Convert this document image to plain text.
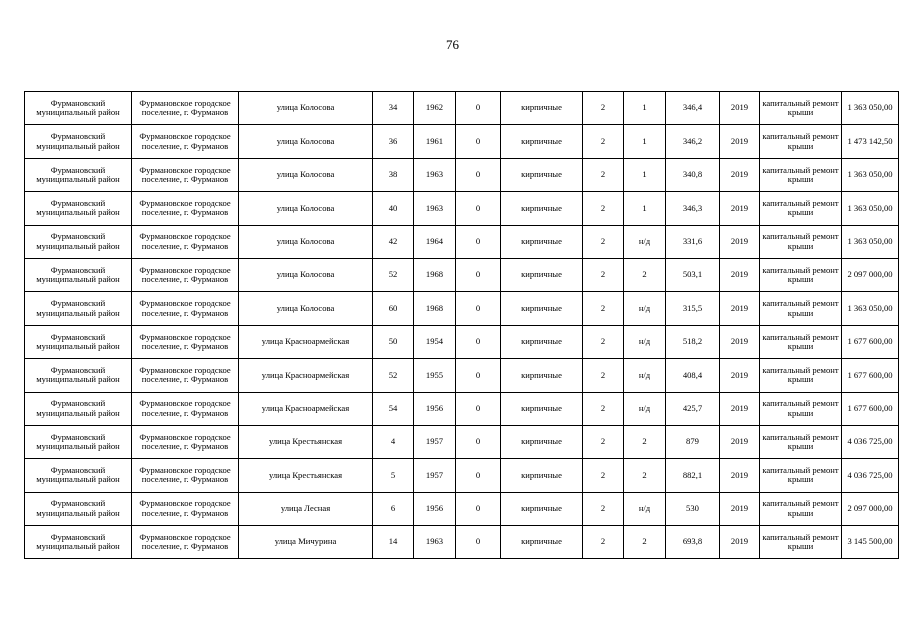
76
Фурмановский муниципальный район	Фурмановское городское поселение, г. Фурманов	улица Колосова	34	1962	0	кирпичные	2	1	346,4	2019	капитальный ремонт крыши	1 363 050,00
Фурмановский муниципальный район	Фурмановское городское поселение, г. Фурманов	улица Колосова	36	1961	0	кирпичные	2	1	346,2	2019	капитальный ремонт крыши	1 473 142,50
Фурмановский муниципальный район	Фурмановское городское поселение, г. Фурманов	улица Колосова	38	1963	0	кирпичные	2	1	340,8	2019	капитальный ремонт крыши	1 363 050,00
Фурмановский муниципальный район	Фурмановское городское поселение, г. Фурманов	улица Колосова	40	1963	0	кирпичные	2	1	346,3	2019	капитальный ремонт крыши	1 363 050,00
Фурмановский муниципальный район	Фурмановское городское поселение, г. Фурманов	улица Колосова	42	1964	0	кирпичные	2	н/д	331,6	2019	капитальный ремонт крыши	1 363 050,00
Фурмановский муниципальный район	Фурмановское городское поселение, г. Фурманов	улица Колосова	52	1968	0	кирпичные	2	2	503,1	2019	капитальный ремонт крыши	2 097 000,00
Фурмановский муниципальный район	Фурмановское городское поселение, г. Фурманов	улица Колосова	60	1968	0	кирпичные	2	н/д	315,5	2019	капитальный ремонт крыши	1 363 050,00
Фурмановский муниципальный район	Фурмановское городское поселение, г. Фурманов	улица Красноармейская	50	1954	0	кирпичные	2	н/д	518,2	2019	капитальный ремонт крыши	1 677 600,00
Фурмановский муниципальный район	Фурмановское городское поселение, г. Фурманов	улица Красноармейская	52	1955	0	кирпичные	2	н/д	408,4	2019	капитальный ремонт крыши	1 677 600,00
Фурмановский муниципальный район	Фурмановское городское поселение, г. Фурманов	улица Красноармейская	54	1956	0	кирпичные	2	н/д	425,7	2019	капитальный ремонт крыши	1 677 600,00
Фурмановский муниципальный район	Фурмановское городское поселение, г. Фурманов	улица Крестьянская	4	1957	0	кирпичные	2	2	879	2019	капитальный ремонт крыши	4 036 725,00
Фурмановский муниципальный район	Фурмановское городское поселение, г. Фурманов	улица Крестьянская	5	1957	0	кирпичные	2	2	882,1	2019	капитальный ремонт крыши	4 036 725,00
Фурмановский муниципальный район	Фурмановское городское поселение, г. Фурманов	улица Лесная	6	1956	0	кирпичные	2	н/д	530	2019	капитальный ремонт крыши	2 097 000,00
Фурмановский муниципальный район	Фурмановское городское поселение, г. Фурманов	улица Мичурина	14	1963	0	кирпичные	2	2	693,8	2019	капитальный ремонт крыши	3 145 500,00
